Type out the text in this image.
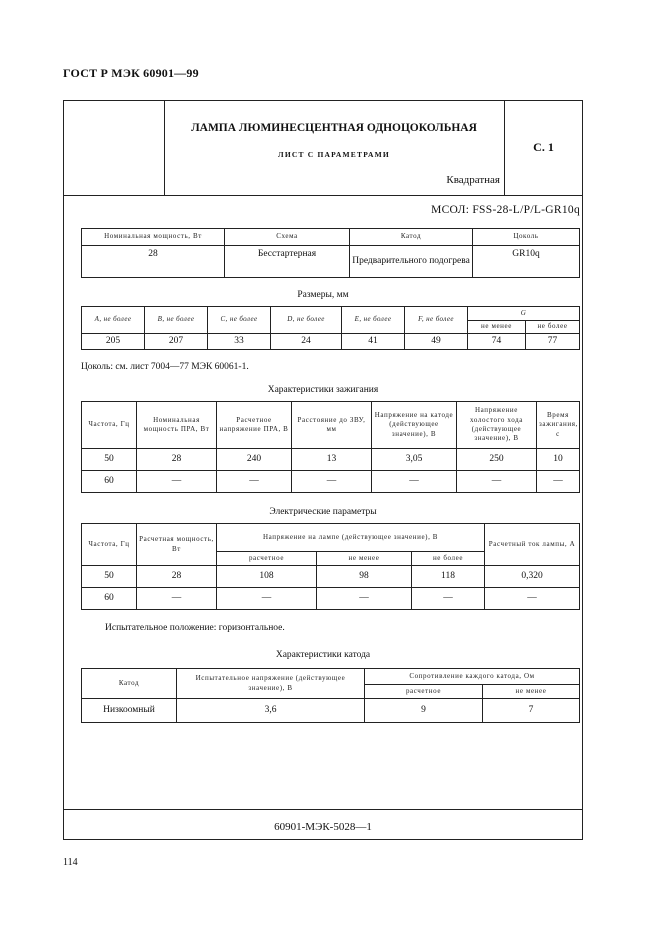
ГОСТ Р МЭК 60901—99
ЛАМПА ЛЮМИНЕСЦЕНТНАЯ ОДНОЦОКОЛЬНАЯ
ЛИСТ С ПАРАМЕТРАМИ
Квадратная
С. 1
МСОЛ: FSS-28-L/P/L-GR10q
Номинальная мощность, Вт	Схема	Катод	Цоколь
28	Бесстартерная	Предварительного подогрева	GR10q
Размеры, мм
A, не более	B, не более	C, не более	D, не более	E, не более	F, не более	G	
						не менее	не более
205	207	33	24	41	49	74	77
Цоколь: см. лист 7004—77 МЭК 60061-1.
Характеристики зажигания
Частота, Гц	Номинальная мощность ПРА, Вт	Расчетное напряжение ПРА, В	Расстояние до ЗВУ, мм	Напряжение на катоде (действующее значение), В	Напряжение холостого хода (действующее значение), В	Время зажигания, с
50	28	240	13	3,05	250	10
60	—	—	—	—	—	—
Электрические параметры
Частота, Гц	Расчетная мощность, Вт	Напряжение на лампе (действующее значение), В			Расчетный ток лампы, А
		расчетное	не менее	не более	
50	28	108	98	118	0,320
60	—	—	—	—	—
Испытательное положение: горизонтальное.
Характеристики катода
Катод	Испытательное напряжение (действующее значение), В	Сопротивление каждого катода, Ом	
		расчетное	не менее
Низкоомный	3,6	9	7
60901-МЭК-5028—1
114
